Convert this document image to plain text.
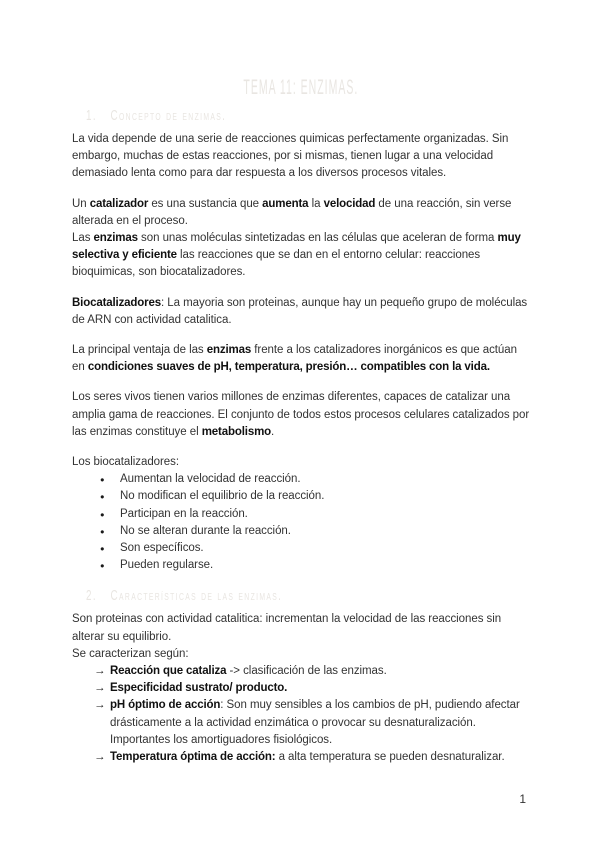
TEMA 11: ENZIMAS.
1. Concepto de enzimas.

La vida depende de una serie de reacciones quimicas perfectamente organizadas. Sin embargo, muchas de estas reacciones, por si mismas, tienen lugar a una velocidad demasiado lenta como para dar respuesta a los diversos procesos vitales.

Un catalizador es una sustancia que aumenta la velocidad de una reacción, sin verse alterada en el proceso.

Las enzimas son unas moléculas sintetizadas en las células que aceleran de forma muy selectiva y eficiente las reacciones que se dan en el entorno celular: reacciones bioquimicas, son biocatalizadores.

Biocatalizadores: La mayoria son proteinas, aunque hay un pequeño grupo de moléculas de ARN con actividad catalitica.

La principal ventaja de las enzimas frente a los catalizadores inorgánicos es que actúan en condiciones suaves de pH, temperatura, presión… compatibles con la vida.

Los seres vivos tienen varios millones de enzimas diferentes, capaces de catalizar una amplia gama de reacciones. El conjunto de todos estos procesos celulares catalizados por las enzimas constituye el metabolismo.

Los biocatalizadores:

●	Aumentan la velocidad de reacción.
●	No modifican el equilibrio de la reacción.
●	Participan en la reacción.
●	No se alteran durante la reacción.
●	Son específicos.
●	Pueden regularse.
2. Características de las enzimas.

Son proteinas con actividad catalitica: incrementan la velocidad de las reacciones sin alterar su equilibrio.

Se caracterizan según:

→ Reacción que cataliza -> clasificación de las enzimas.
→ Especificidad sustrato/ producto.
→ pH óptimo de acción: Son muy sensibles a los cambios de pH, pudiendo afectar drásticamente a la actividad enzimática o provocar su desnaturalización. Importantes los amortiguadores fisiológicos.
→ Temperatura óptima de acción: a alta temperatura se pueden desnaturalizar.
1
